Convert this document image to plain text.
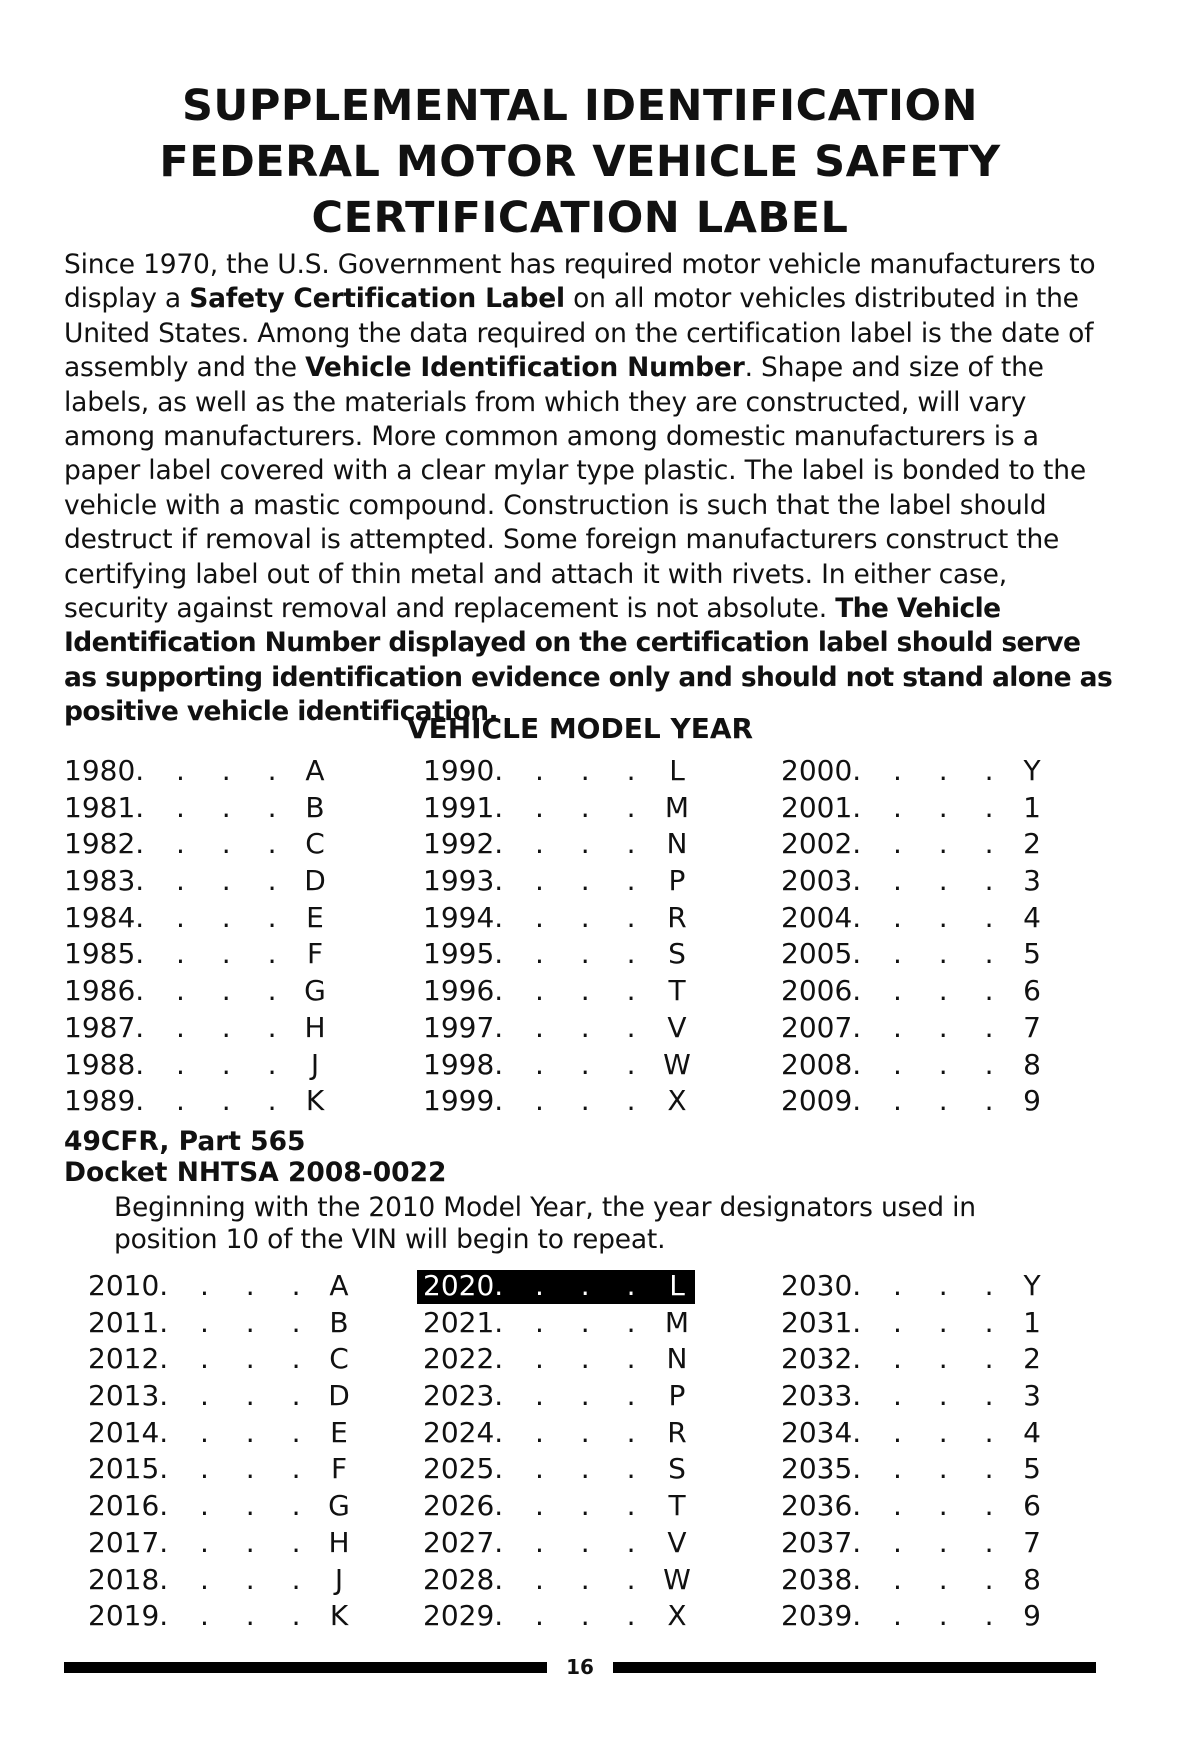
SUPPLEMENTAL IDENTIFICATION
FEDERAL MOTOR VEHICLE SAFETY
CERTIFICATION LABEL
Since 1970, the U.S. Government has required motor vehicle manufacturers to display a Safety Certification Label on all motor vehicles distributed in the United States. Among the data required on the certification label is the date of assembly and the Vehicle Identification Number. Shape and size of the labels, as well as the materials from which they are constructed, will vary among manufacturers. More common among domestic manufacturers is a paper label covered with a clear mylar type plastic. The label is bonded to the vehicle with a mastic compound. Construction is such that the label should destruct if removal is attempted. Some foreign manufacturers construct the certifying label out of thin metal and attach it with rivets. In either case, security against removal and replacement is not absolute. The Vehicle Identification Number displayed on the certification label should serve as supporting identification evidence only and should not stand alone as positive vehicle identification.
VEHICLE MODEL YEAR
1980. . . . A
1981. . . . B
1982. . . . C
1983. . . . D
1984. . . . E
1985. . . . F
1986. . . . G
1987. . . . H
1988. . . . J
1989. . . . K
1990. . . . L
1991. . . . M
1992. . . . N
1993. . . . P
1994. . . . R
1995. . . . S
1996. . . . T
1997. . . . V
1998. . . . W
1999. . . . X
2000. . . . Y
2001. . . . 1
2002. . . . 2
2003. . . . 3
2004. . . . 4
2005. . . . 5
2006. . . . 6
2007. . . . 7
2008. . . . 8
2009. . . . 9
49CFR, Part 565
Docket NHTSA 2008-0022
Beginning with the 2010 Model Year, the year designators used in position 10 of the VIN will begin to repeat.
2010. . . . A
2011. . . . B
2012. . . . C
2013. . . . D
2014. . . . E
2015. . . . F
2016. . . . G
2017. . . . H
2018. . . . J
2019. . . . K
2020. . . . L
2021. . . . M
2022. . . . N
2023. . . . P
2024. . . . R
2025. . . . S
2026. . . . T
2027. . . . V
2028. . . . W
2029. . . . X
2030. . . . Y
2031. . . . 1
2032. . . . 2
2033. . . . 3
2034. . . . 4
2035. . . . 5
2036. . . . 6
2037. . . . 7
2038. . . . 8
2039. . . . 9
16
